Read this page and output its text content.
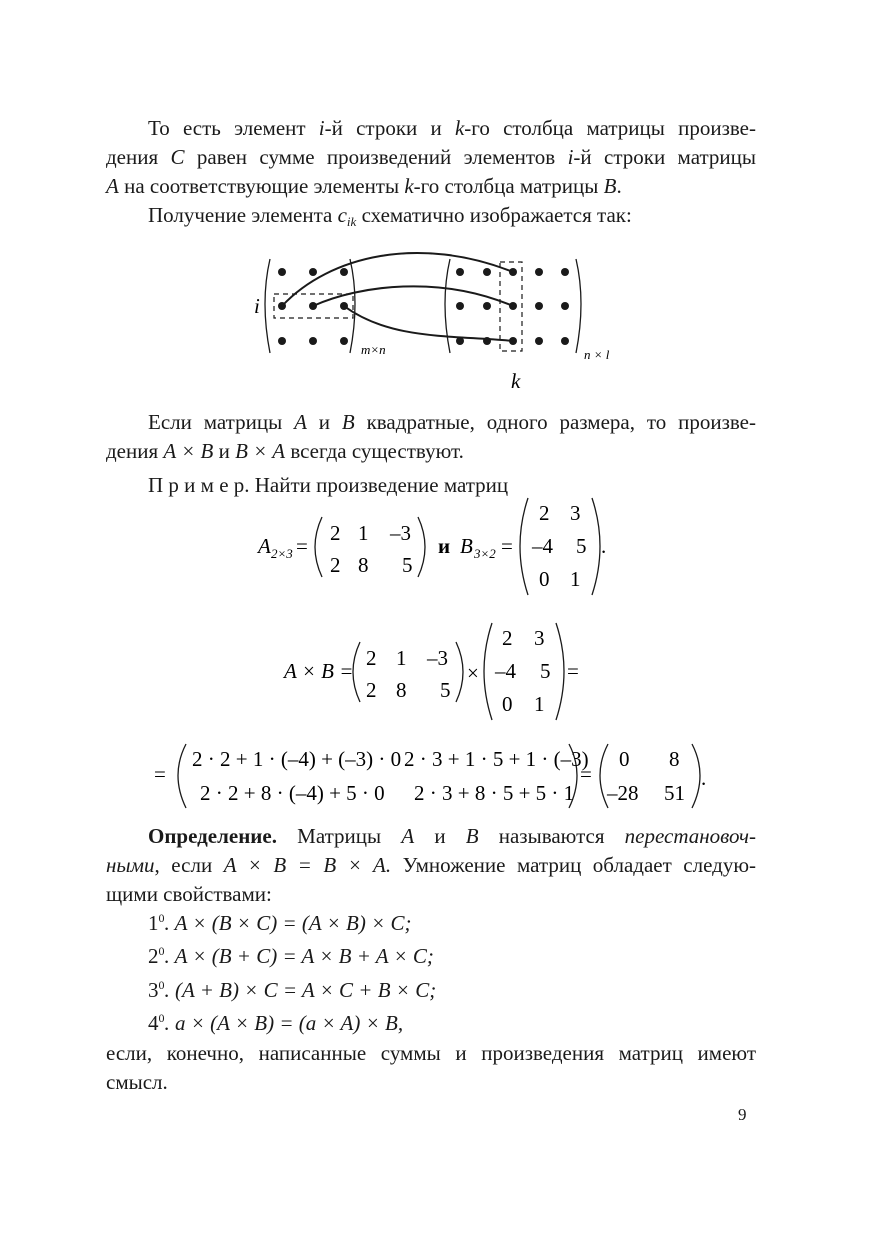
То есть элемент i-й строки и k-го столбца матрицы произве-
дения C равен сумме произведений элементов i-й строки матрицы
A на соответствующие элементы k-го столбца матрицы B.
Получение элемента $c_{ik}$ схематично изображается так:
i
k
m×n	n × l
Если матрицы A и B квадратные, одного размера, то произве-
дения A × B и B × A всегда существуют.
П р и м е р. Найти произведение матриц
A 2×3 =
2 1 –3
2 8 5
и B 3×2 =
2 3
–4 5
0 1
.
A × B =
2 1 –3
2 8 5
×
2 3
–4 5
0 1
=
=
2 · 2 + 1 · (–4) + (–3) · 0 2 · 3 + 1 · 5 + 1 · (–3)
2 · 2 + 8 · (–4) + 5 · 0 2 · 3 + 8 · 5 + 5 · 1
=
0 8
–28 51
.
Определение. Матрицы A и B называются перестановоч-
ными, если A × B = B × A. Умножение матриц обладает следую-
щими свойствами:
$1^0$. A × (B × C) = (A × B) × C;
$2^0$. A × (B + C) = A × B + A × C;
$3^0$. (A + B) × C = A × C + B × C;
$4^0$. a × (A × B) = (a × A) × B,
если, конечно, написанные суммы и произведения матриц имеют
смысл.
9
